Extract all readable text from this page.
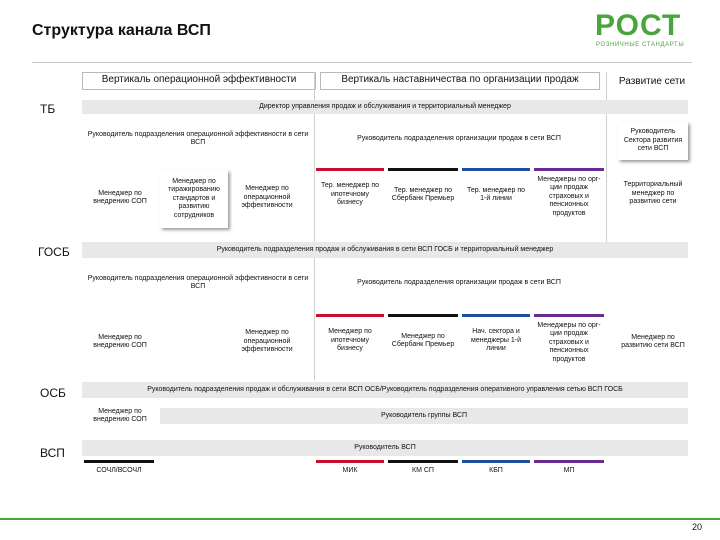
Структура канала ВСП	РОСТ
РОЗНИЧНЫЕ СТАНДАРТЫ
Вертикаль операционной эффективности	Вертикаль наставничества по организации продаж	Развитие сети
ТБ	Директор управления продаж и обслуживания и территориальный менеджер
Руководитель подразделения операционной эффективности в сети ВСП
Руководитель подразделения организации продаж в сети ВСП
Руководитель Сектора развития сети ВСП
Менеджер по внедрению СОП
Менеджер по тиражированию стандартов и развитию сотрудников
Менеджер по операционной эффективности
Тер. менеджер по ипотечному бизнесу
Тер. менеджер по Сбербанк Премьер
Тер. менеджер по 1-й линии
Менеджеры по орг-ции продаж страховых и пенсионных продуктов
Территориальный менеджер по развитию сети
ГОСБ	Руководитель подразделения продаж и обслуживания в сети ВСП ГОСБ и территориальный менеджер
Руководитель подразделения операционной эффективности в сети ВСП
Руководитель подразделения организации продаж в сети ВСП
Менеджер по внедрению СОП
Менеджер по операционной эффективности
Менеджер по ипотечному бизнесу
Менеджер по Сбербанк Премьер
Нач. сектора и менеджеры 1-й линии
Менеджеры по орг-ции продаж страховых и пенсионных продуктов
Менеджер по развитию сети ВСП
ОСБ	Руководитель подразделения продаж и обслуживания в сети ВСП ОСБ/Руководитель подразделения оперативного управления сетью ВСП ГОСБ
Менеджер по внедрению СОП
Руководитель группы ВСП
ВСП	Руководитель ВСП
СОЧЛ/ВСОЧЛ	МИК	КМ СП	КБП	МП
20
